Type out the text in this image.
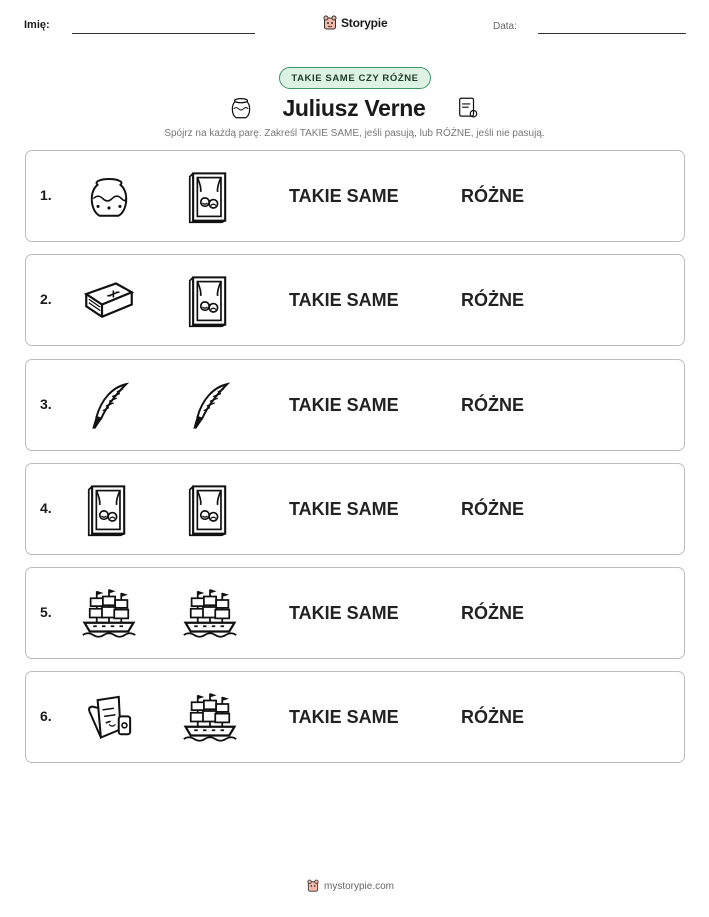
Imię:	Storypie	Data:
TAKIE SAME CZY RÓŻNE
Juliusz Verne
Spójrz na każdą parę. Zakreśl TAKIE SAME, jeśli pasują, lub RÓŻNE, jeśli nie pasują.
1.	TAKIE SAME	RÓŻNE
2.	TAKIE SAME	RÓŻNE
3.	TAKIE SAME	RÓŻNE
4.	TAKIE SAME	RÓŻNE
5.	TAKIE SAME	RÓŻNE
6.	TAKIE SAME	RÓŻNE
mystorypie.com
